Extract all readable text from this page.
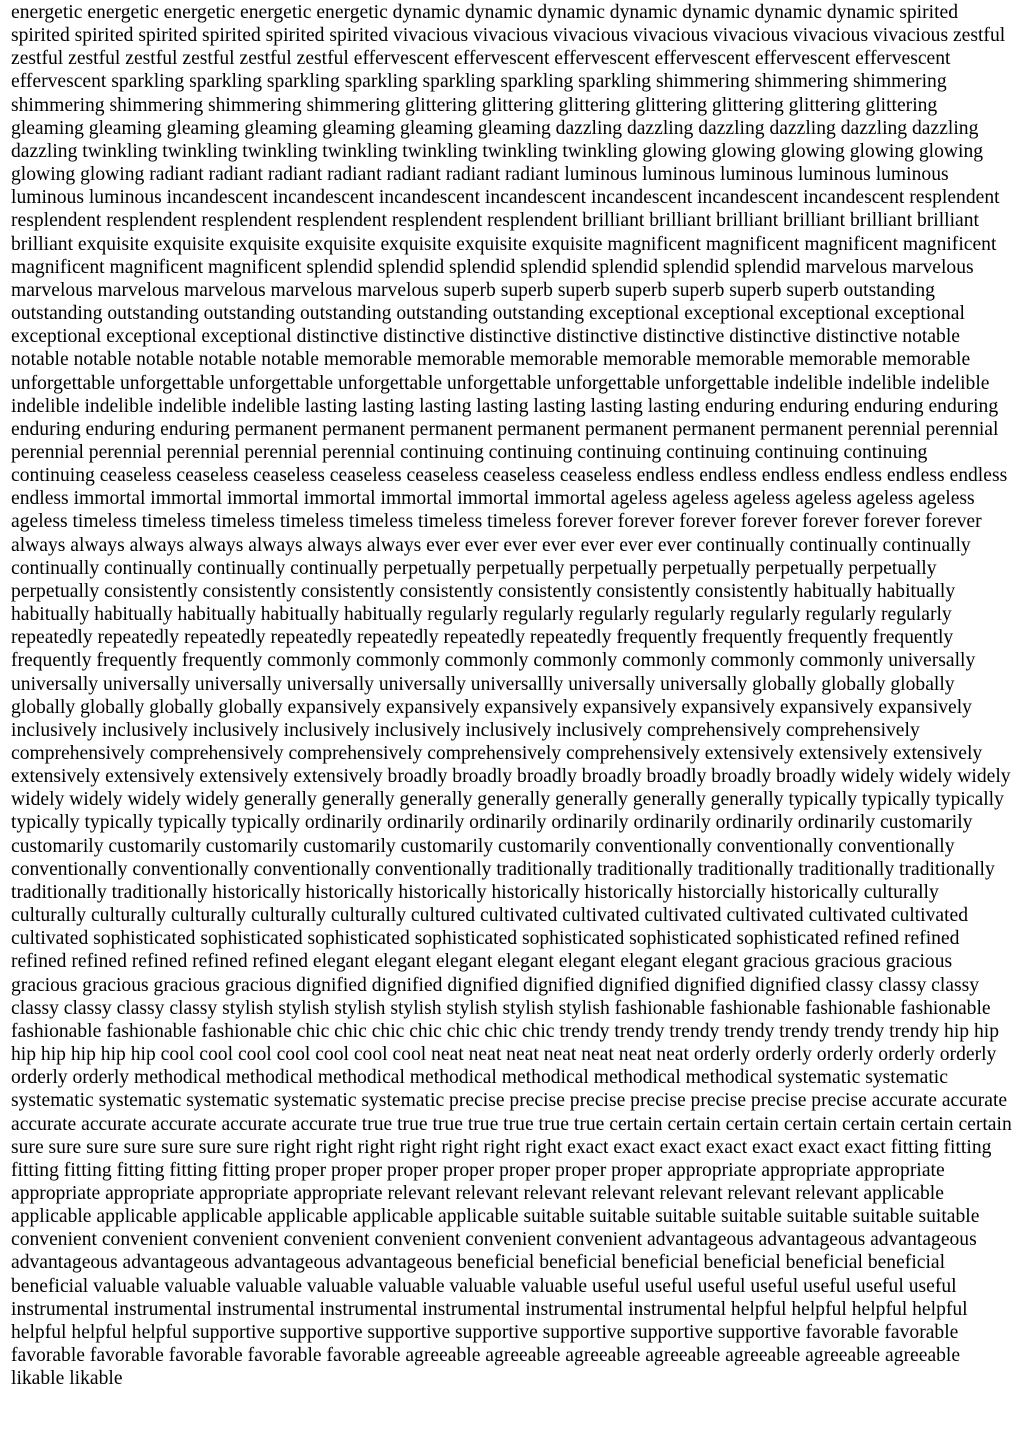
energetic energetic energetic energetic energetic dynamic dynamic dynamic dynamic dynamic dynamic dynamic spirited spirited spirited spirited spirited spirited spirited vivacious vivacious vivacious vivacious vivacious vivacious vivacious zestful zestful zestful zestful zestful zestful zestful effervescent effervescent effervescent effervescent effervescent effervescent effervescent sparkling sparkling sparkling sparkling sparkling sparkling sparkling shimmering shimmering shimmering shimmering shimmering shimmering shimmering glittering glittering glittering glittering glittering glittering glittering gleaming gleaming gleaming gleaming gleaming gleaming gleaming dazzling dazzling dazzling dazzling dazzling dazzling dazzling twinkling twinkling twinkling twinkling twinkling twinkling twinkling glowing glowing glowing glowing glowing glowing glowing radiant radiant radiant radiant radiant radiant radiant luminous luminous luminous luminous luminous luminous luminous incandescent incandescent incandescent incandescent incandescent incandescent incandescent resplendent resplendent resplendent resplendent resplendent resplendent resplendent brilliant brilliant brilliant brilliant brilliant brilliant brilliant exquisite exquisite exquisite exquisite exquisite exquisite exquisite magnificent magnificent magnificent magnificent magnificent magnificent magnificent splendid splendid splendid splendid splendid splendid splendid marvelous marvelous marvelous marvelous marvelous marvelous marvelous superb superb superb superb superb superb superb outstanding outstanding outstanding outstanding outstanding outstanding outstanding exceptional exceptional exceptional exceptional exceptional exceptional exceptional distinctive distinctive distinctive distinctive distinctive distinctive distinctive notable notable notable notable notable notable memorable memorable memorable memorable memorable memorable memorable unforgettable unforgettable unforgettable unforgettable unforgettable unforgettable unforgettable indelible indelible indelible indelible indelible indelible indelible lasting lasting lasting lasting lasting lasting lasting enduring enduring enduring enduring enduring enduring enduring permanent permanent permanent permanent permanent permanent permanent perennial perennial perennial perennial perennial perennial perennial continuing continuing continuing continuing continuing continuing continuing ceaseless ceaseless ceaseless ceaseless ceaseless ceaseless ceaseless endless endless endless endless endless endless endless immortal immortal immortal immortal immortal immortal immortal ageless ageless ageless ageless ageless ageless ageless timeless timeless timeless timeless timeless timeless timeless forever forever forever forever forever forever forever always always always always always always always ever ever ever ever ever ever ever continually continually continually continually continually continually continually perpetually perpetually perpetually perpetually perpetually perpetually perpetually consistently consistently consistently consistently consistently consistently consistently habitually habitually habitually habitually habitually habitually habitually regularly regularly regularly regularly regularly regularly regularly repeatedly repeatedly repeatedly repeatedly repeatedly repeatedly repeatedly frequently frequently frequently frequently frequently frequently frequently commonly commonly commonly commonly commonly commonly commonly universally universally universally universally universally universally universallly universally universally globally globally globally globally globally globally globally expansively expansively expansively expansively expansively expansively expansively inclusively inclusively inclusively inclusively inclusively inclusively inclusively comprehensively comprehensively comprehensively comprehensively comprehensively comprehensively comprehensively extensively extensively extensively extensively extensively extensively extensively broadly broadly broadly broadly broadly broadly broadly widely widely widely widely widely widely widely generally generally generally generally generally generally generally typically typically typically typically typically typically typically ordinarily ordinarily ordinarily ordinarily ordinarily ordinarily ordinarily customarily customarily customarily customarily customarily customarily customarily conventionally conventionally conventionally conventionally conventionally conventionally conventionally traditionally traditionally traditionally traditionally traditionally traditionally traditionally historically historically historically historically historically historcially historically culturally culturally culturally culturally culturally culturally cultured cultivated cultivated cultivated cultivated cultivated cultivated cultivated sophisticated sophisticated sophisticated sophisticated sophisticated sophisticated sophisticated refined refined refined refined refined refined refined elegant elegant elegant elegant elegant elegant elegant gracious gracious gracious gracious gracious gracious gracious dignified dignified dignified dignified dignified dignified dignified classy classy classy classy classy classy classy stylish stylish stylish stylish stylish stylish stylish fashionable fashionable fashionable fashionable fashionable fashionable fashionable chic chic chic chic chic chic chic trendy trendy trendy trendy trendy trendy trendy hip hip hip hip hip hip hip cool cool cool cool cool cool cool neat neat neat neat neat neat neat orderly orderly orderly orderly orderly orderly orderly methodical methodical methodical methodical methodical methodical methodical systematic systematic systematic systematic systematic systematic systematic precise precise precise precise precise precise precise accurate accurate accurate accurate accurate accurate accurate true true true true true true true certain certain certain certain certain certain certain sure sure sure sure sure sure sure right right right right right right right exact exact exact exact exact exact exact fitting fitting fitting fitting fitting fitting fitting proper proper proper proper proper proper proper appropriate appropriate appropriate appropriate appropriate appropriate appropriate relevant relevant relevant relevant relevant relevant relevant applicable applicable applicable applicable applicable applicable applicable suitable suitable suitable suitable suitable suitable suitable convenient convenient convenient convenient convenient convenient convenient advantageous advantageous advantageous advantageous advantageous advantageous advantageous beneficial beneficial beneficial beneficial beneficial beneficial beneficial valuable valuable valuable valuable valuable valuable valuable useful useful useful useful useful useful useful instrumental instrumental instrumental instrumental instrumental instrumental instrumental helpful helpful helpful helpful helpful helpful helpful supportive supportive supportive supportive supportive supportive supportive favorable favorable favorable favorable favorable favorable favorable agreeable agreeable agreeable agreeable agreeable agreeable agreeable likable likable
